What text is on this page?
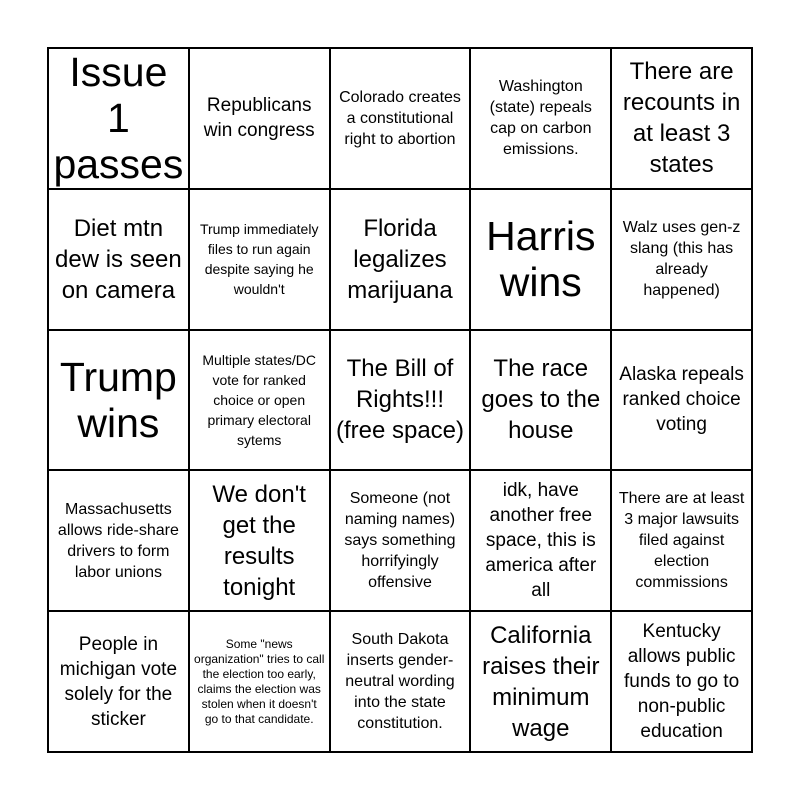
Issue 1 passes
Republicans win congress
Colorado creates a constitutional right to abortion
Washington (state) repeals cap on carbon emissions.
There are recounts in at least 3 states
Diet mtn dew is seen on camera
Trump immediately files to run again despite saying he wouldn't
Florida legalizes marijuana
Harris wins
Walz uses gen-z slang (this has already happened)
Trump wins
Multiple states/DC vote for ranked choice or open primary electoral sytems
The Bill of Rights!!! (free space)
The race goes to the house
Alaska repeals ranked choice voting
Massachusetts allows ride-share drivers to form labor unions
We don't get the results tonight
Someone (not naming names) says something horrifyingly offensive
idk, have another free space, this is america after all
There are at least 3 major lawsuits filed against election commissions
People in michigan vote solely for the sticker
Some "news organization" tries to call the election too early, claims the election was stolen when it doesn't go to that candidate.
South Dakota inserts gender-neutral wording into the state constitution.
California raises their minimum wage
Kentucky allows public funds to go to non-public education
